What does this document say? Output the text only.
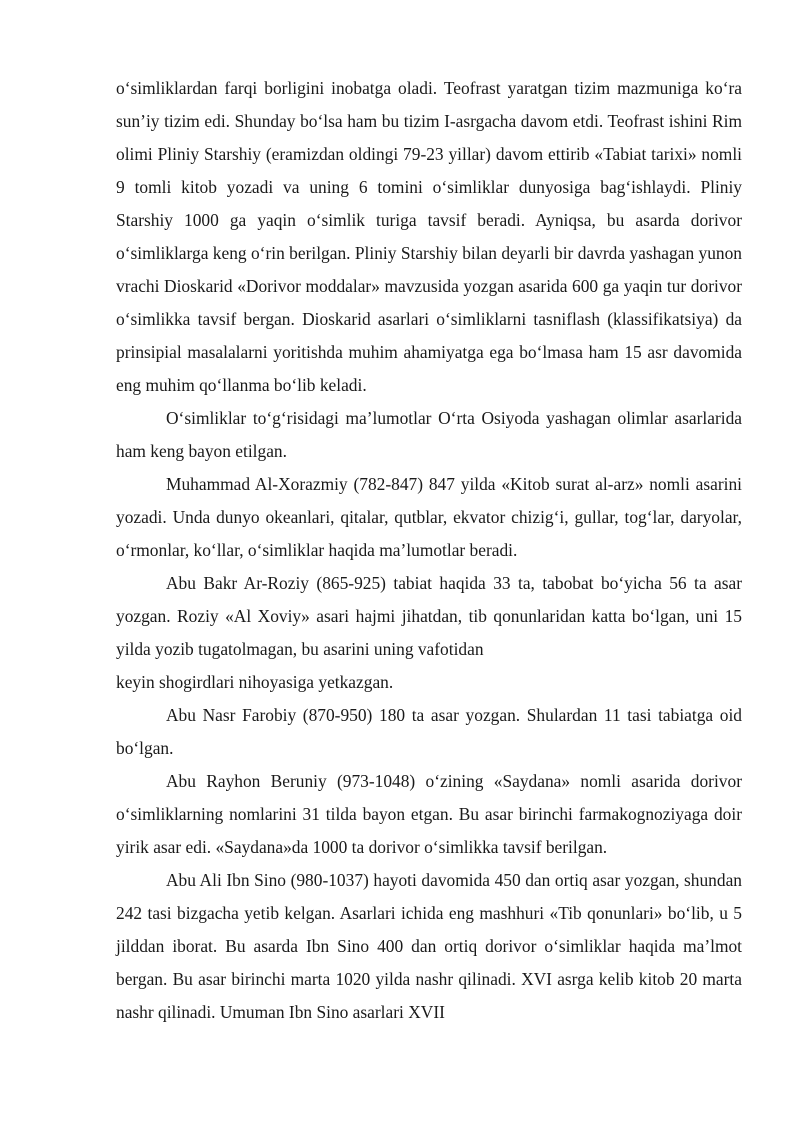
o‘simliklardan farqi borligini inobatga oladi. Teofrast yaratgan tizim mazmuniga ko‘ra sun’iy tizim edi. Shunday bo‘lsa ham bu tizim I-asrgacha davom etdi. Teofrast ishini Rim olimi Pliniy Starshiy (eramizdan oldingi 79-23 yillar) davom ettirib «Tabiat tarixi» nomli 9 tomli kitob yozadi va uning 6 tomini o‘simliklar dunyosiga bag‘ishlaydi. Pliniy Starshiy 1000 ga yaqin o‘simlik turiga tavsif beradi. Ayniqsa, bu asarda dorivor o‘simliklarga keng o‘rin berilgan. Pliniy Starshiy bilan deyarli bir davrda yashagan yunon vrachi Dioskarid «Dorivor moddalar» mavzusida yozgan asarida 600 ga yaqin tur dorivor o‘simlikka tavsif bergan. Dioskarid asarlari o‘simliklarni tasniflash (klassifikatsiya) da prinsipial masalalarni yoritishda muhim ahamiyatga ega bo‘lmasa ham 15 asr davomida eng muhim qo‘llanma bo‘lib keladi.

O‘simliklar to‘g‘risidagi ma’lumotlar O‘rta Osiyoda yashagan olimlar asarlarida ham keng bayon etilgan.

Muhammad Al-Xorazmiy (782-847) 847 yilda «Kitob surat al-arz» nomli asarini yozadi. Unda dunyo okeanlari, qitalar, qutblar, ekvator chizig‘i, gullar, tog‘lar, daryolar, o‘rmonlar, ko‘llar, o‘simliklar haqida ma’lumotlar beradi.

Abu Bakr Ar-Roziy (865-925) tabiat haqida 33 ta, tabobat bo‘yicha 56 ta asar yozgan. Roziy «Al Xoviy» asari hajmi jihatdan, tib qonunlaridan katta bo‘lgan, uni 15 yilda yozib tugatolmagan, bu asarini uning vafotidan

keyin shogirdlari nihoyasiga yetkazgan.

Abu Nasr Farobiy (870-950) 180 ta asar yozgan. Shulardan 11 tasi tabiatga oid bo‘lgan.

Abu Rayhon Beruniy (973-1048) o‘zining «Saydana» nomli asarida dorivor o‘simliklarning nomlarini 31 tilda bayon etgan. Bu asar birinchi farmakognoziyaga doir yirik asar edi. «Saydana»da 1000 ta dorivor o‘simlikka tavsif berilgan.

Abu Ali Ibn Sino (980-1037) hayoti davomida 450 dan ortiq asar yozgan, shundan 242 tasi bizgacha yetib kelgan. Asarlari ichida eng mashhuri «Tib qonunlari» bo‘lib, u 5 jilddan iborat. Bu asarda Ibn Sino 400 dan ortiq dorivor o‘simliklar haqida ma’lmot bergan. Bu asar birinchi marta 1020 yilda nashr qilinadi. XVI asrga kelib kitob 20 marta nashr qilinadi. Umuman Ibn Sino asarlari XVII
